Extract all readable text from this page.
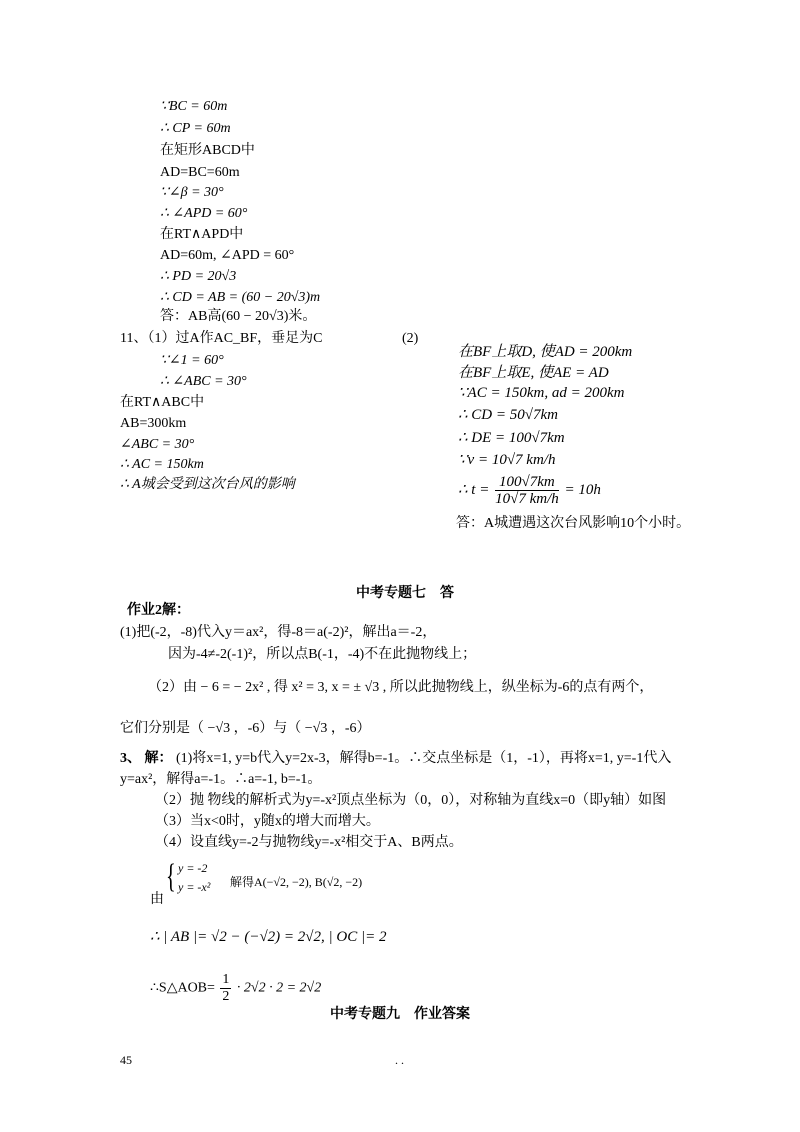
∵BC = 60m
∴ CP = 60m
在矩形ABCD中
AD=BC=60m
∵∠β = 30°
∴ ∠APD = 60°
在RT∧APD中
AD=60m, ∠APD = 60°
∴ PD = 20√3
∴ CD = AB = (60 − 20√3)m
答：AB高(60 − 20√3)米。
11、（1）过A作AC_BF，垂足为C	(2)
∵∠1 = 60°
∴ ∠ABC = 30°
在RT∧ABC中
AB=300km
∠ABC = 30°
∴ AC = 150km
∴ A城会受到这次台风的影响
在BF上取D, 使AD = 200km
在BF上取E, 使AE = AD
∵AC = 150km, ad = 200km
∴ CD = 50√7km
∴ DE = 100√7km
∵v = 10√7 km/h
∴ $t = \frac{100√7km}{10√7 km/h} = 10h$
答：A城遭遇这次台风影响10个小时。
中考专题七　答
作业2解：
(1)把(-2，-8)代入y＝ax²，得-8＝a(-2)²，解出a＝-2，
因为-4≠-2(-1)²，所以点B(-1，-4)不在此抛物线上；
（2）由 − 6 = − 2x² , 得 x² = 3, x = ± √3 , 所以此抛物线上，纵坐标为-6的点有两个，
它们分别是（ −√3 ，-6）与（ −√3 ，-6）
3、 解： (1)将x=1, y=b代入y=2x-3，解得b=-1。∴交点坐标是（1，-1），再将x=1, y=-1代入
y=ax²，解得a=-1。∴a=-1, b=-1。
（2）抛 物线的解析式为y=-x²顶点坐标为（0，0），对称轴为直线x=0（即y轴）如图
（3）当x<0时，y随x的增大而增大。
（4）设直线y=-2与抛物线y=-x²相交于A、B两点。
{ y = -2
y = -x² 解得A(−√2, −2), B(√2, −2)
由
∴ | AB |= √2 − (−√2) = 2√2, | OC |= 2
∴S△AOB= $\frac{1}{2} \cdot 2√2 \cdot 2 = 2√2$
中考专题九　作业答案
45	. .
